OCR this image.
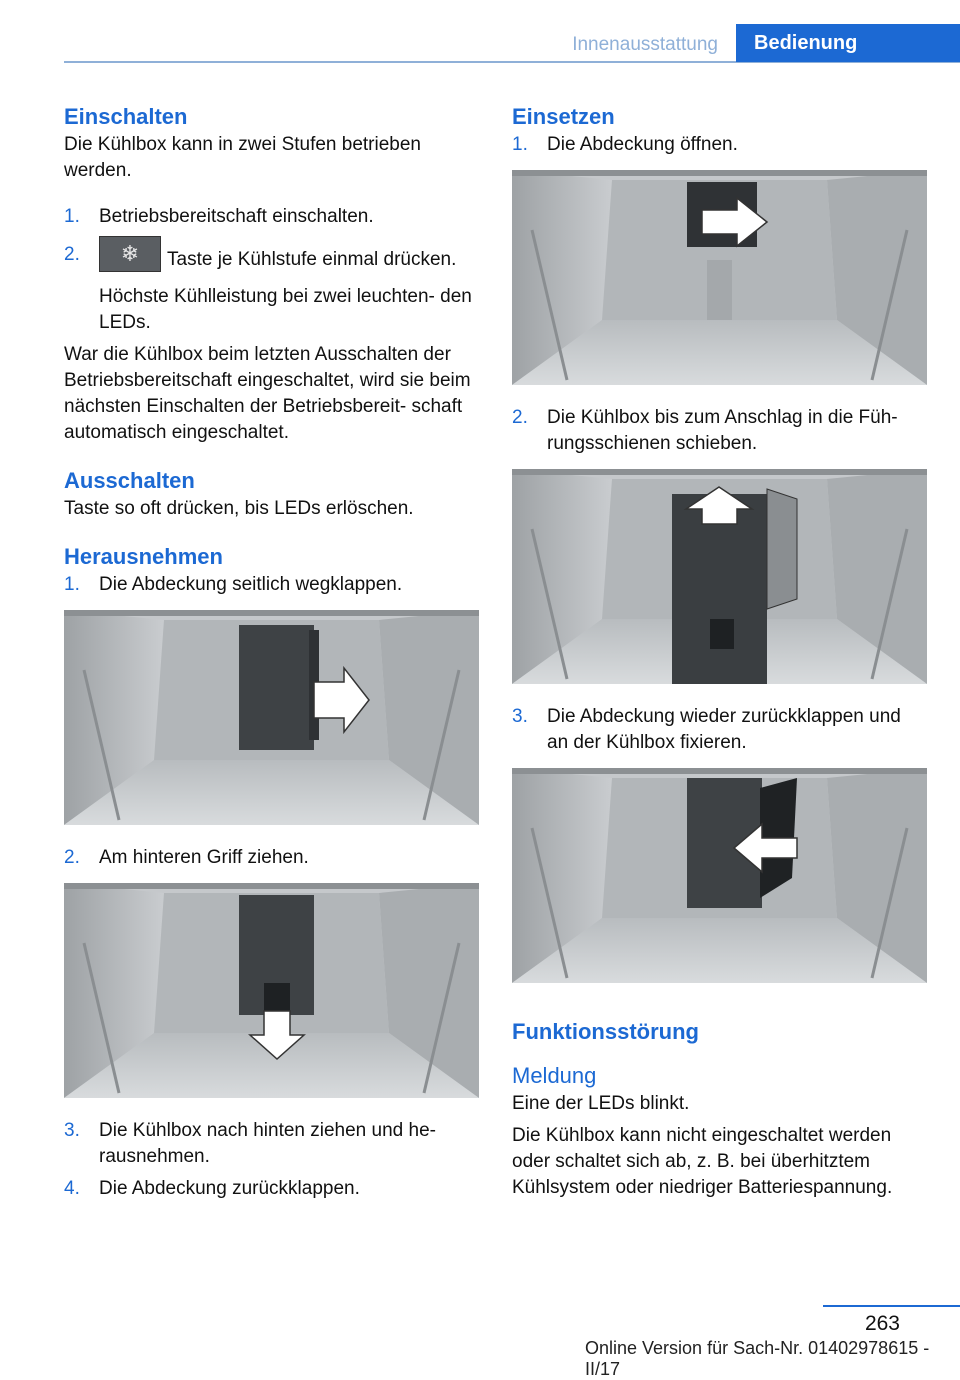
Innenausstattung	Bedienung
Einschalten

Die Kühlbox kann in zwei Stufen betrieben werden.

1.	Betriebsbereitschaft einschalten.
2.	❄ Taste je Kühlstufe einmal drücken.
Höchste Kühlleistung bei zwei leuchten‐ den LEDs.

War die Kühlbox beim letzten Ausschalten der Betriebsbereitschaft eingeschaltet, wird sie beim nächsten Einschalten der Betriebsbereit‐ schaft automatisch eingeschaltet.

Ausschalten

Taste so oft drücken, bis LEDs erlöschen.

Herausnehmen
1.	Die Abdeckung seitlich wegklappen.
2.	Am hinteren Griff ziehen.
3.	Die Kühlbox nach hinten ziehen und he‐ rausnehmen.
4.	Die Abdeckung zurückklappen.
Einsetzen
1.	Die Abdeckung öffnen.
2.	Die Kühlbox bis zum Anschlag in die Füh‐ rungsschienen schieben.
3.	Die Abdeckung wieder zurückklappen und an der Kühlbox fixieren.
Funktionsstörung
Meldung

Eine der LEDs blinkt.

Die Kühlbox kann nicht eingeschaltet werden oder schaltet sich ab, z. B. bei überhitztem Kühlsystem oder niedriger Batteriespannung.

263
Online Version für Sach-Nr. 01402978615 - II/17
